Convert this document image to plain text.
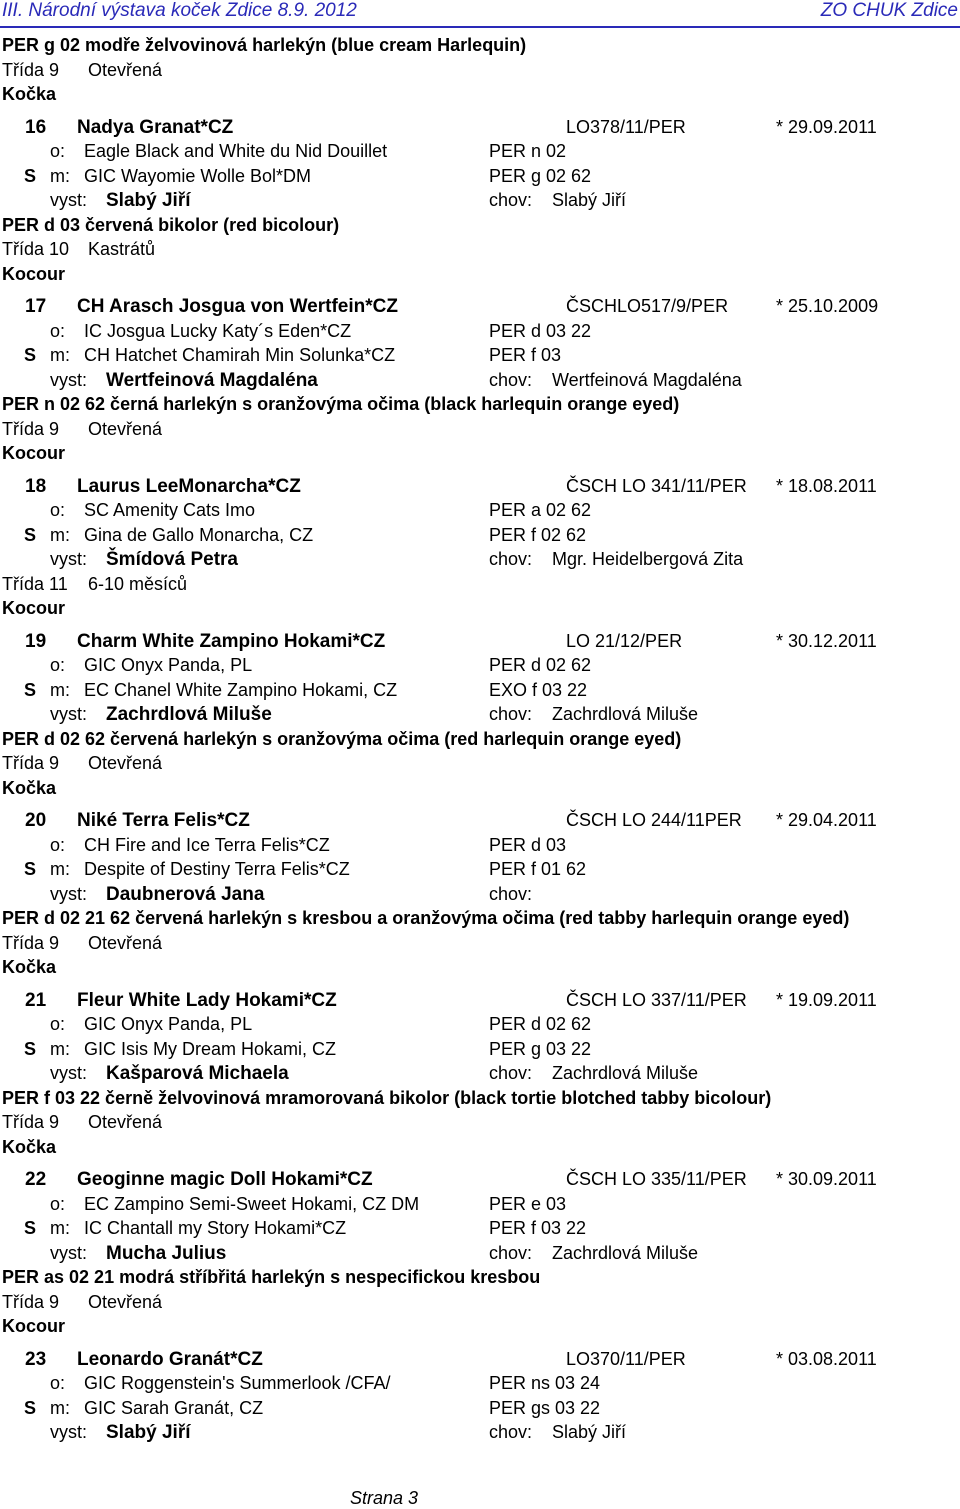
III. Národní výstava koček Zdice 8.9. 2012	ZO CHUK Zdice
PER g 02 modře želvovinová harlekýn (blue cream Harlequin)
Třída 9 Otevřená
Kočka
16 Nadya Granat*CZ	LO378/11/PER	* 29.09.2011
o: Eagle Black and White du Nid Douillet	PER n 02
S m: GIC Wayomie Wolle Bol*DM	PER g 02 62
vyst: Slabý Jiří	chov: Slabý Jiří
PER d 03 červená bikolor (red bicolour)
Třída 10 Kastrátů
Kocour
17 CH Arasch Josgua von Wertfein*CZ	ČSCHLO517/9/PER	* 25.10.2009
o: IC Josgua Lucky Katy´s Eden*CZ	PER d 03 22
S m: CH Hatchet Chamirah Min Solunka*CZ	PER f 03
vyst: Wertfeinová Magdaléna	chov: Wertfeinová Magdaléna
PER n 02 62 černá harlekýn s oranžovýma očima (black harlequin orange eyed)
Třída 9 Otevřená
Kocour
18 Laurus LeeMonarcha*CZ	ČSCH LO 341/11/PER * 18.08.2011
o: SC Amenity Cats Imo	PER a 02 62
S m: Gina de Gallo Monarcha, CZ	PER f 02 62
vyst: Šmídová Petra	chov: Mgr. Heidelbergová Zita
Třída 11 6-10 měsíců
Kocour
19 Charm White Zampino Hokami*CZ	LO 21/12/PER	* 30.12.2011
o: GIC Onyx Panda, PL	PER d 02 62
S m: EC Chanel White Zampino Hokami, CZ	EXO f 03 22
vyst: Zachrdlová Miluše	chov: Zachrdlová Miluše
PER d 02 62 červená harlekýn s oranžovýma očima (red harlequin orange eyed)
Třída 9 Otevřená
Kočka
20 Niké Terra Felis*CZ	ČSCH LO 244/11PER * 29.04.2011
o: CH Fire and Ice Terra Felis*CZ	PER d 03
S m: Despite of Destiny Terra Felis*CZ	PER f 01 62
vyst: Daubnerová Jana	chov:
PER d 02 21 62 červená harlekýn s kresbou a oranžovýma očima (red tabby harlequin orange eyed)
Třída 9 Otevřená
Kočka
21 Fleur White Lady Hokami*CZ	ČSCH LO 337/11/PER * 19.09.2011
o: GIC Onyx Panda, PL	PER d 02 62
S m: GIC Isis My Dream Hokami, CZ	PER g 03 22
vyst: Kašparová Michaela	chov: Zachrdlová Miluše
PER f 03 22 černě želvovinová mramorovaná bikolor (black tortie blotched tabby bicolour)
Třída 9 Otevřená
Kočka
22 Geoginne magic Doll Hokami*CZ	ČSCH LO 335/11/PER * 30.09.2011
o: EC Zampino Semi-Sweet Hokami, CZ DM	PER e 03
S m: IC Chantall my Story Hokami*CZ	PER f 03 22
vyst: Mucha Julius	chov: Zachrdlová Miluše
PER as 02 21 modrá stříbřitá harlekýn s nespecifickou kresbou
Třída 9 Otevřená
Kocour
23 Leonardo Granát*CZ	LO370/11/PER	* 03.08.2011
o: GIC Roggenstein's Summerlook /CFA/	PER ns 03 24
S m: GIC Sarah Granát, CZ	PER gs 03 22
vyst: Slabý Jiří	chov: Slabý Jiří
Strana 3
